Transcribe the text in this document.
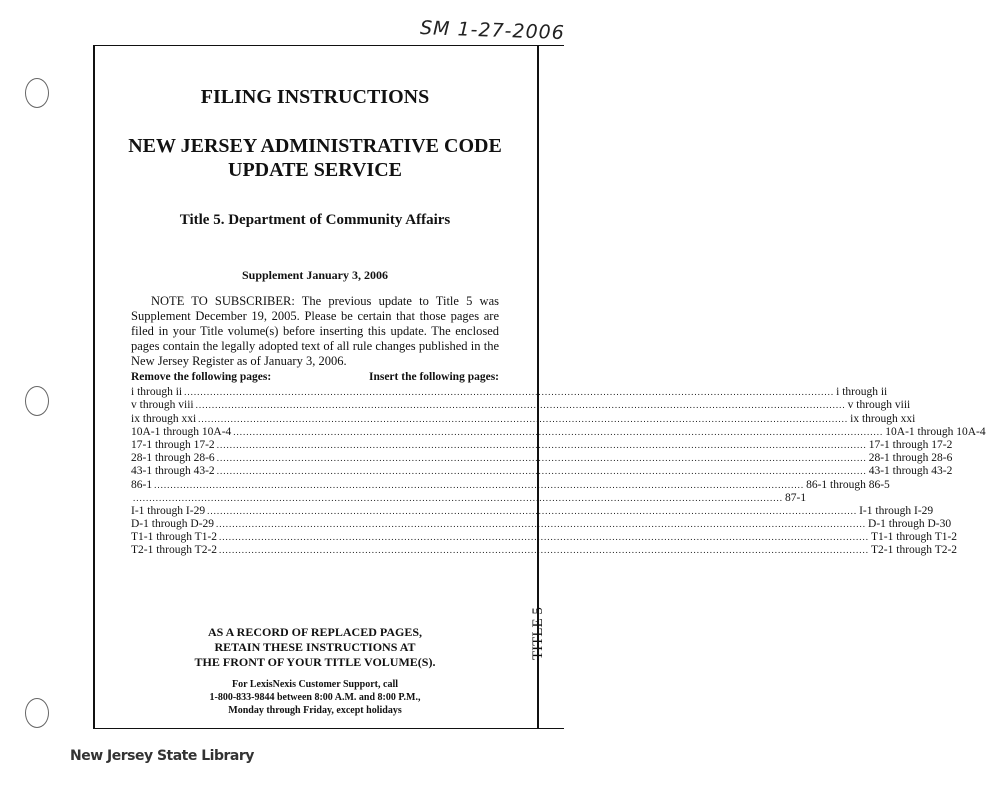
SM 1-27-2006
TITLE 5
FILING INSTRUCTIONS
NEW JERSEY ADMINISTRATIVE CODE
UPDATE SERVICE
Title 5. Department of Community Affairs
Supplement January 3, 2006
NOTE TO SUBSCRIBER: The previous update to Title 5 was Supplement December 19, 2005. Please be certain that those pages are filed in your Title volume(s) before inserting this update. The enclosed pages contain the legally adopted text of all rule changes published in the New Jersey Register as of January 3, 2006.
Remove the following pages:	Insert the following pages:
i through ii ........................................................................................................................................................................................................ i through ii
v through viii ........................................................................................................................................................................................................ v through viii
ix through xxi ........................................................................................................................................................................................................ ix through xxi
10A-1 through 10A-4 ........................................................................................................................................................................................................ 10A-1 through 10A-4
17-1 through 17-2 ........................................................................................................................................................................................................ 17-1 through 17-2
28-1 through 28-6 ........................................................................................................................................................................................................ 28-1 through 28-6
43-1 through 43-2 ........................................................................................................................................................................................................ 43-1 through 43-2
86-1 ........................................................................................................................................................................................................ 86-1 through 86-5
........................................................................................................................................................................................................ 87-1
I-1 through I-29 ........................................................................................................................................................................................................ I-1 through I-29
D-1 through D-29 ........................................................................................................................................................................................................ D-1 through D-30
T1-1 through T1-2 ........................................................................................................................................................................................................ T1-1 through T1-2
T2-1 through T2-2 ........................................................................................................................................................................................................ T2-1 through T2-2
AS A RECORD OF REPLACED PAGES,
RETAIN THESE INSTRUCTIONS AT
THE FRONT OF YOUR TITLE VOLUME(S).
For LexisNexis Customer Support, call
1-800-833-9844 between 8:00 A.M. and 8:00 P.M.,
Monday through Friday, except holidays
New Jersey State Library
